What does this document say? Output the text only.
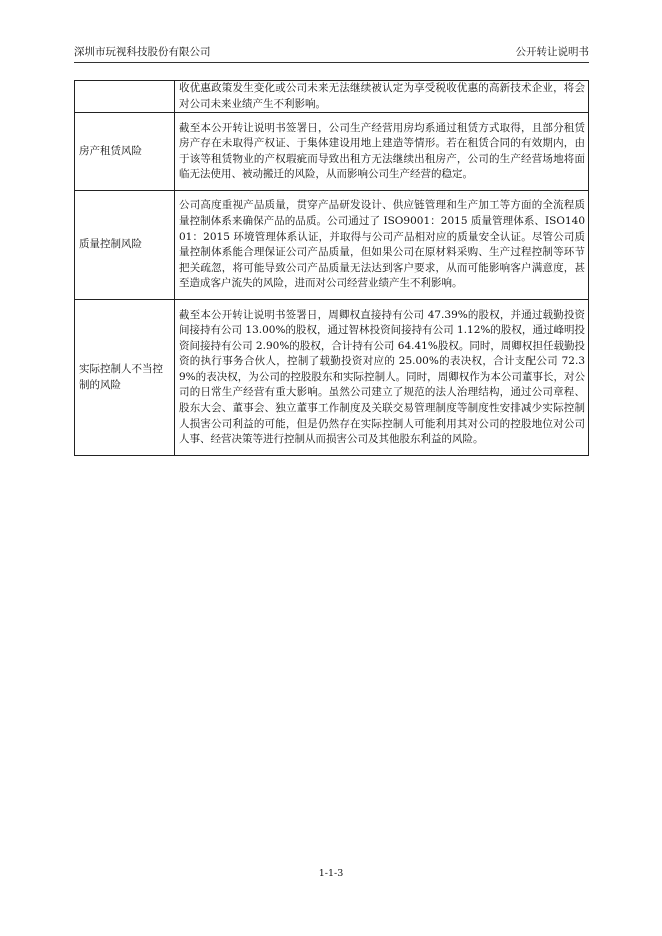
深圳市玩视科技股份有限公司	公开转让说明书
	收优惠政策发生变化或公司未来无法继续被认定为享受税收优惠的高新技术企业，将会对公司未来业绩产生不利影响。
房产租赁风险	截至本公开转让说明书签署日，公司生产经营用房均系通过租赁方式取得，且部分租赁房产存在未取得产权证、于集体建设用地上建造等情形。若在租赁合同的有效期内，由于该等租赁物业的产权瑕疵而导致出租方无法继续出租房产，公司的生产经营场地将面临无法使用、被动搬迁的风险，从而影响公司生产经营的稳定。
质量控制风险	公司高度重视产品质量，贯穿产品研发设计、供应链管理和生产加工等方面的全流程质量控制体系来确保产品的品质。公司通过了 ISO9001：2015 质量管理体系、ISO14001：2015 环境管理体系认证，并取得与公司产品相对应的质量安全认证。尽管公司质量控制体系能合理保证公司产品质量，但如果公司在原材料采购、生产过程控制等环节把关疏忽，将可能导致公司产品质量无法达到客户要求，从而可能影响客户满意度，甚至造成客户流失的风险，进而对公司经营业绩产生不利影响。
实际控制人不当控制的风险	截至本公开转让说明书签署日，周卿权直接持有公司 47.39%的股权，并通过载勤投资间接持有公司 13.00%的股权，通过智林投资间接持有公司 1.12%的股权，通过峰明投资间接持有公司 2.90%的股权，合计持有公司 64.41%股权。同时，周卿权担任载勤投资的执行事务合伙人，控制了载勤投资对应的 25.00%的表决权，合计支配公司 72.39%的表决权，为公司的控股股东和实际控制人。同时，周卿权作为本公司董事长，对公司的日常生产经营有重大影响。虽然公司建立了规范的法人治理结构，通过公司章程、股东大会、董事会、独立董事工作制度及关联交易管理制度等制度性安排减少实际控制人损害公司利益的可能，但是仍然存在实际控制人可能利用其对公司的控股地位对公司人事、经营决策等进行控制从而损害公司及其他股东利益的风险。
1-1-3
